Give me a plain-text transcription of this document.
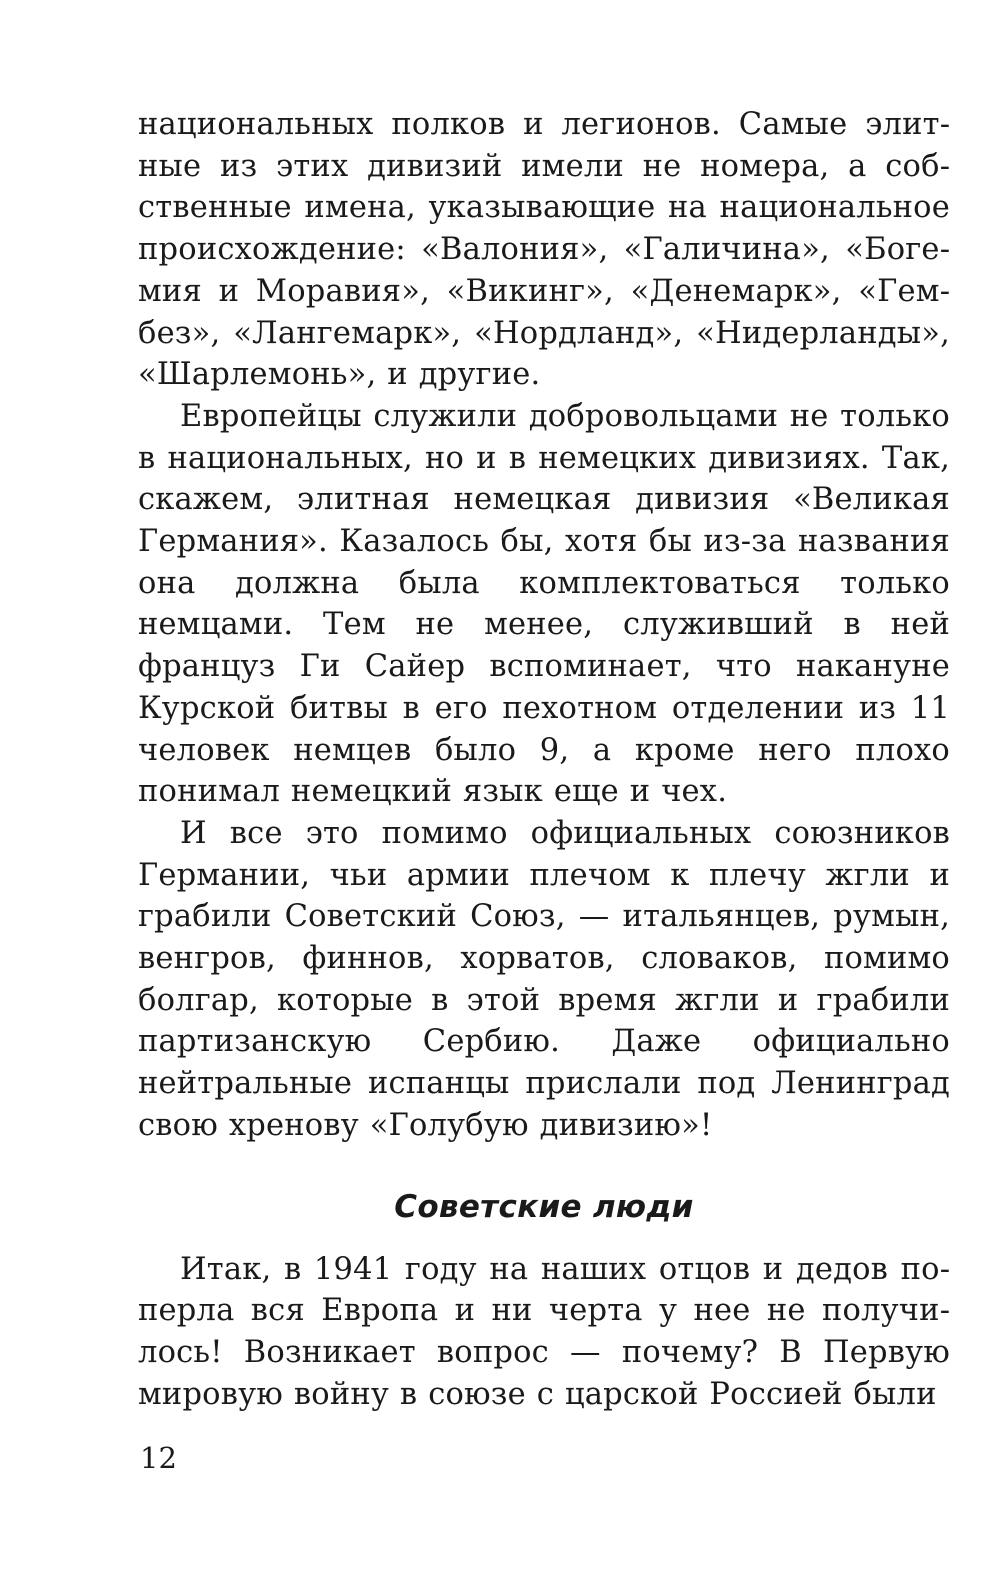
национальных полков и легионов. Самые элитные из этих дивизий имели не номера, а собственные имена, указывающие на национальное происхождение: «Валония», «Галичина», «Богемия и Моравия», «Викинг», «Денемарк», «Гембез», «Лангемарк», «Нордланд», «Нидерланды», «Шарлемонь», и другие.

Европейцы служили добровольцами не только в национальных, но и в немецких дивизиях. Так, скажем, элитная немецкая дивизия «Великая Германия». Казалось бы, хотя бы из-за названия она должна была комплектоваться только немцами. Тем не менее, служивший в ней француз Ги Сайер вспоминает, что накануне Курской битвы в его пехотном отделении из 11 человек немцев было 9, а кроме него плохо понимал немецкий язык еще и чех.

И все это помимо официальных союзников Германии, чьи армии плечом к плечу жгли и грабили Советский Союз, — итальянцев, румын, венгров, финнов, хорватов, словаков, помимо болгар, которые в этой время жгли и грабили партизанскую Сербию. Даже официально нейтральные испанцы прислали под Ленинград свою хренову «Голубую дивизию»!

Советские люди

Итак, в 1941 году на наших отцов и дедов поперла вся Европа и ни черта у нее не получилось! Возникает вопрос — почему? В Первую мировую войну в союзе с царской Россией были

12
